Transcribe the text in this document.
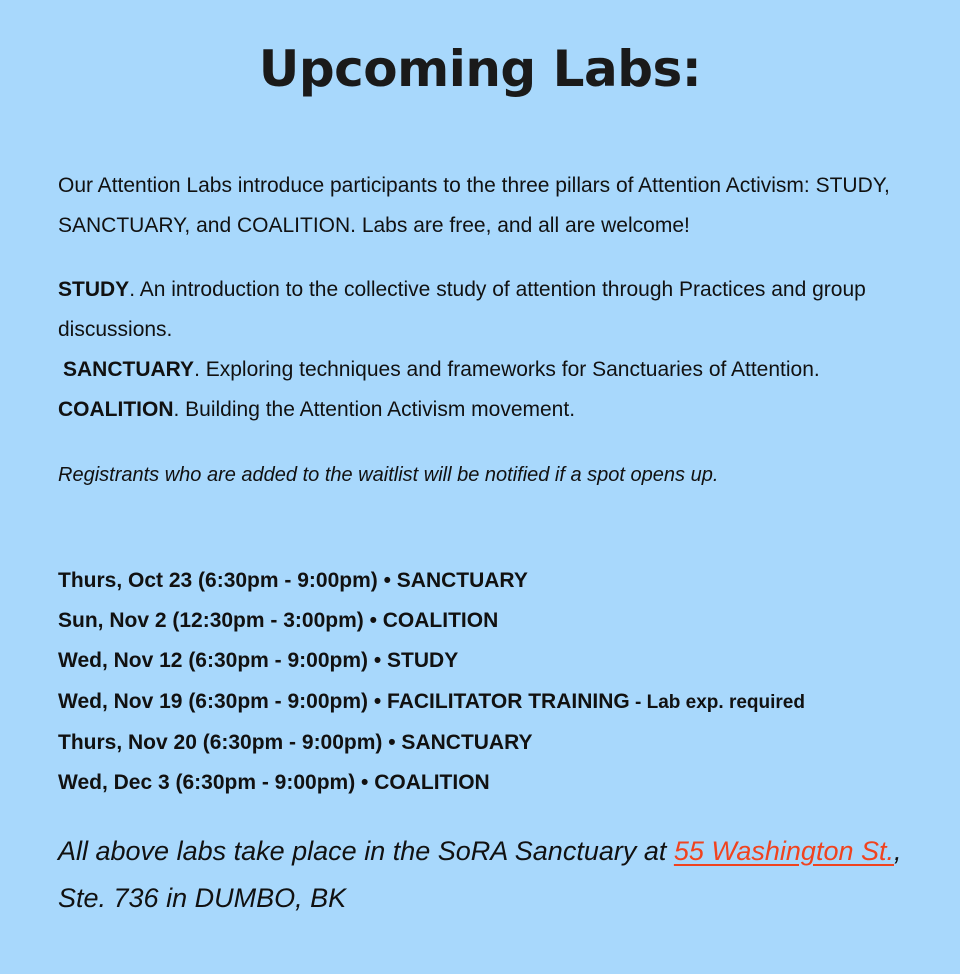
Upcoming Labs:

Our Attention Labs introduce participants to the three pillars of Attention Activism: STUDY, SANCTUARY, and COALITION. Labs are free, and all are welcome!

STUDY. An introduction to the collective study of attention through Practices and group discussions.

SANCTUARY. Exploring techniques and frameworks for Sanctuaries of Attention.

COALITION. Building the Attention Activism movement.

Registrants who are added to the waitlist will be notified if a spot opens up.

Thurs, Oct 23 (6:30pm - 9:00pm) • SANCTUARY
Sun, Nov 2 (12:30pm - 3:00pm) • COALITION
Wed, Nov 12 (6:30pm - 9:00pm) • STUDY
Wed, Nov 19 (6:30pm - 9:00pm) • FACILITATOR TRAINING - Lab exp. required
Thurs, Nov 20 (6:30pm - 9:00pm) • SANCTUARY
Wed, Dec 3 (6:30pm - 9:00pm) • COALITION

All above labs take place in the SoRA Sanctuary at 55 Washington St., Ste. 736 in DUMBO, BK
